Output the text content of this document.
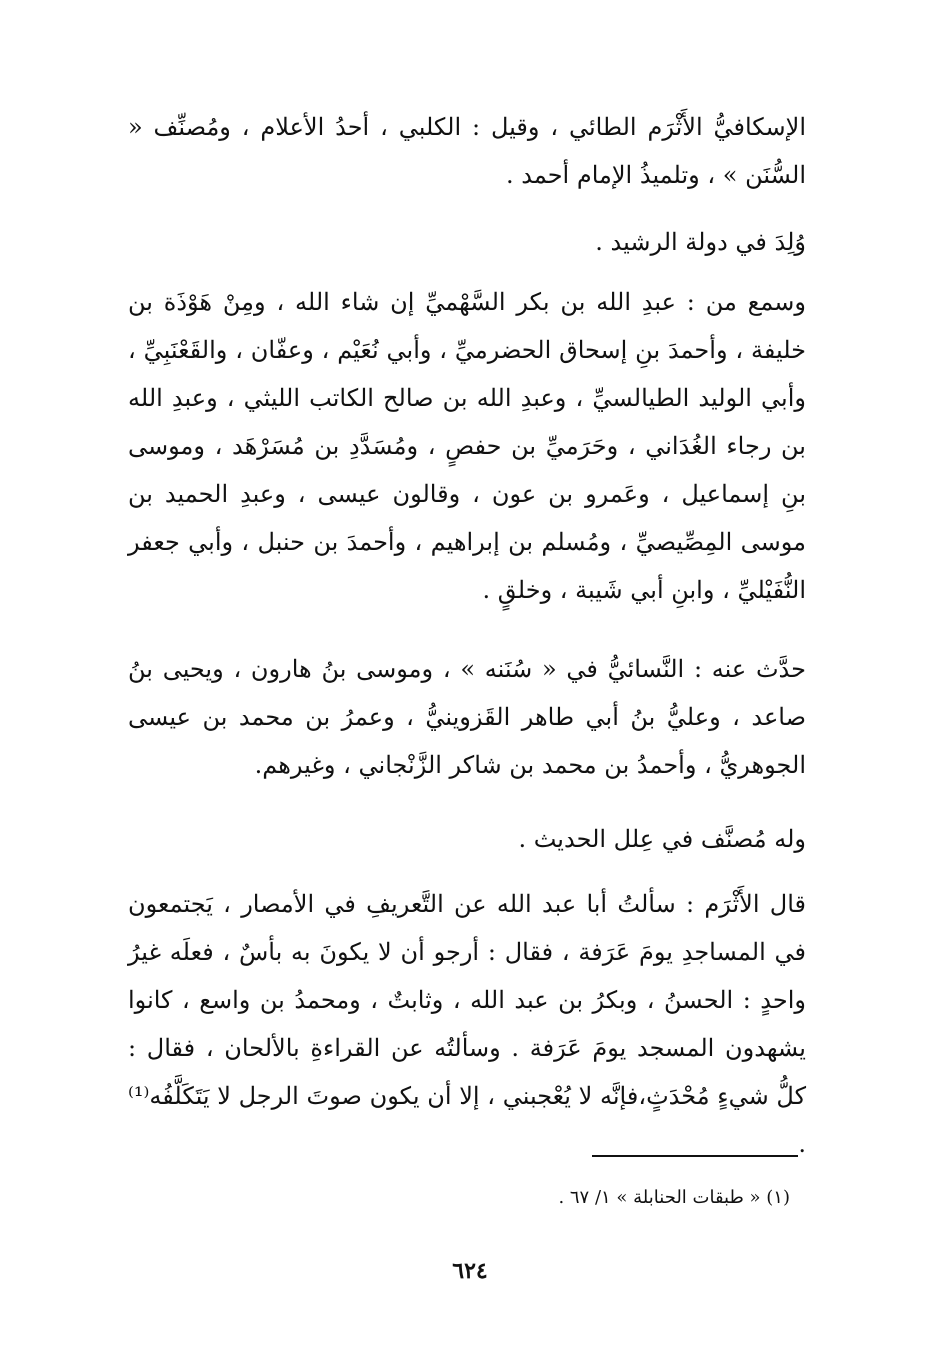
الإسكافيُّ الأَثْرَم الطائي ، وقيل : الكلبي ، أحدُ الأعلام ، ومُصنِّف « السُّنَن » ، وتلميذُ الإمام أحمد .

وُلِدَ في دولة الرشيد .

وسمع من : عبدِ الله بن بكر السَّهْميِّ إن شاء الله ، ومِنْ هَوْذَة بن خليفة ، وأحمدَ بنِ إسحاق الحضرميِّ ، وأبي نُعَيْم ، وعفّان ، والقَعْنَبِيِّ ، وأبي الوليد الطيالسيِّ ، وعبدِ الله بن صالح الكاتب الليثي ، وعبدِ الله بن رجاء الغُدَاني ، وحَرَميِّ بن حفصٍ ، ومُسَدَّدِ بن مُسَرْهَد ، وموسى بنِ إسماعيل ، وعَمرو بن عون ، وقالون عيسى ، وعبدِ الحميد بن موسى المِصِّيصيِّ ، ومُسلم بن إبراهيم ، وأحمدَ بن حنبل ، وأبي جعفر النُّفَيْليِّ ، وابنِ أبي شَيبة ، وخلقٍ .

حدَّث عنه : النَّسائيُّ في « سُنَنه » ، وموسى بنُ هارون ، ويحيى بنُ صاعد ، وعليُّ بنُ أبي طاهر القَزوينيُّ ، وعمرُ بن محمد بن عيسى الجوهريُّ ، وأحمدُ بن محمد بن شاكر الزَّنْجاني ، وغيرهم.

وله مُصنَّف في عِلل الحديث .

قال الأَثْرَم : سألتُ أبا عبد الله عن التَّعريفِ في الأمصار ، يَجتمعون في المساجدِ يومَ عَرَفة ، فقال : أرجو أن لا يكونَ به بأسٌ ، فعلَه غيرُ واحدٍ : الحسنُ ، وبكرُ بن عبد الله ، وثابتٌ ، ومحمدُ بن واسع ، كانوا يشهدون المسجد يومَ عَرَفة . وسألتُه عن القراءةِ بالألحان ، فقال : كلُّ شيءٍ مُحْدَثٍ،فإنَّه لا يُعْجبني ، إلا أن يكون صوتَ الرجل لا يَتَكَلَّفُه⁽¹⁾ .

(١) « طبقات الحنابلة » ١/ ٦٧ .

٦٢٤
